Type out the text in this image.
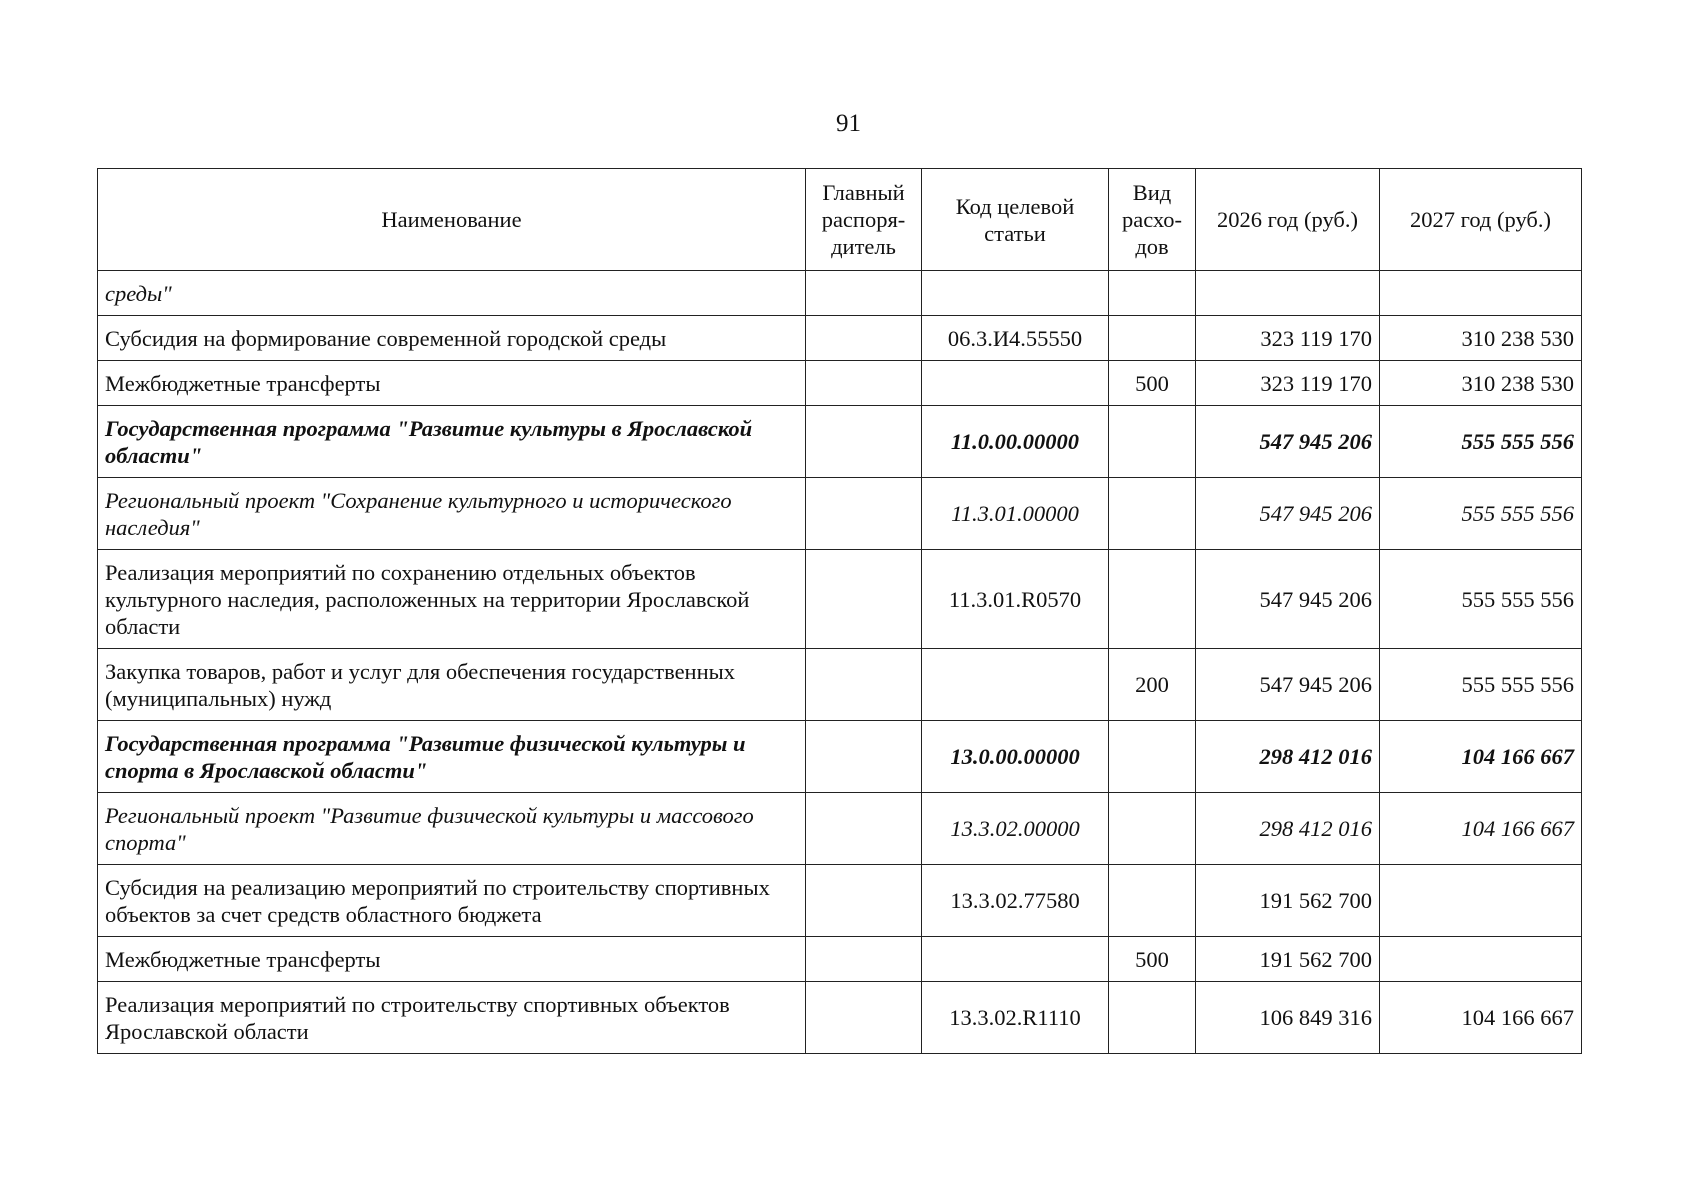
91
Наименование	Главный распоря-дитель	Код целевой статьи	Вид расхо-дов	2026 год (руб.)	2027 год (руб.)
среды"					
Субсидия на формирование современной городской среды		06.3.И4.55550		323 119 170	310 238 530
Межбюджетные трансферты			500	323 119 170	310 238 530
Государственная программа "Развитие культуры в Ярославской области"		11.0.00.00000		547 945 206	555 555 556
Региональный проект "Сохранение культурного и исторического наследия"		11.3.01.00000		547 945 206	555 555 556
Реализация мероприятий по сохранению отдельных объектов культурного наследия, расположенных на территории Ярославской области		11.3.01.R0570		547 945 206	555 555 556
Закупка товаров, работ и услуг для обеспечения государственных (муниципальных) нужд			200	547 945 206	555 555 556
Государственная программа "Развитие физической культуры и спорта в Ярославской области"		13.0.00.00000		298 412 016	104 166 667
Региональный проект "Развитие физической культуры и массового спорта"		13.3.02.00000		298 412 016	104 166 667
Субсидия на реализацию мероприятий по строительству спортивных объектов за счет средств областного бюджета		13.3.02.77580		191 562 700	
Межбюджетные трансферты			500	191 562 700	
Реализация мероприятий по строительству спортивных объектов Ярославской области		13.3.02.R1110		106 849 316	104 166 667
